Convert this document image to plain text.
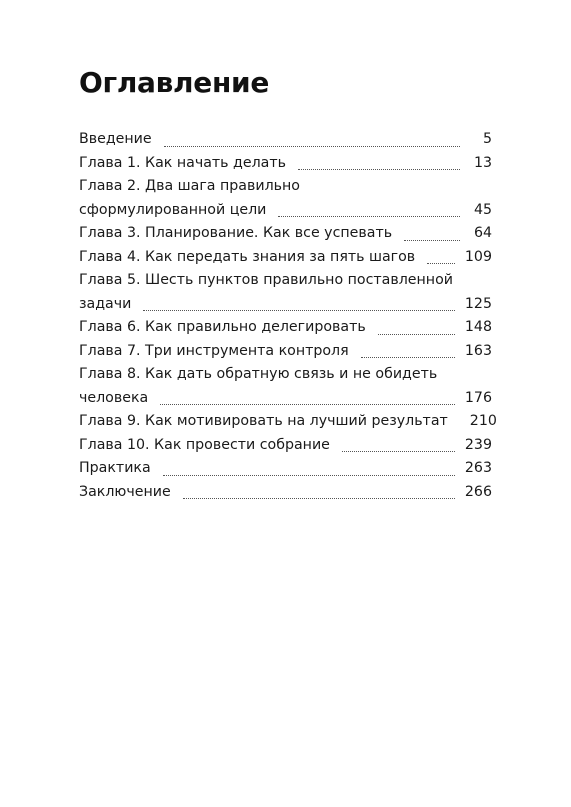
Оглавление
Введение	5
Глава 1. Как начать делать	13
Глава 2. Два шага правильно
сформулированной цели	45
Глава 3. Планирование. Как все успевать	64
Глава 4. Как передать знания за пять шагов	109
Глава 5. Шесть пунктов правильно поставленной
задачи	125
Глава 6. Как правильно делегировать	148
Глава 7. Три инструмента контроля	163
Глава 8. Как дать обратную связь и не обидеть
человека	176
Глава 9. Как мотивировать на лучший результат 210
Глава 10. Как провести собрание	239
Практика	263
Заключение	266
